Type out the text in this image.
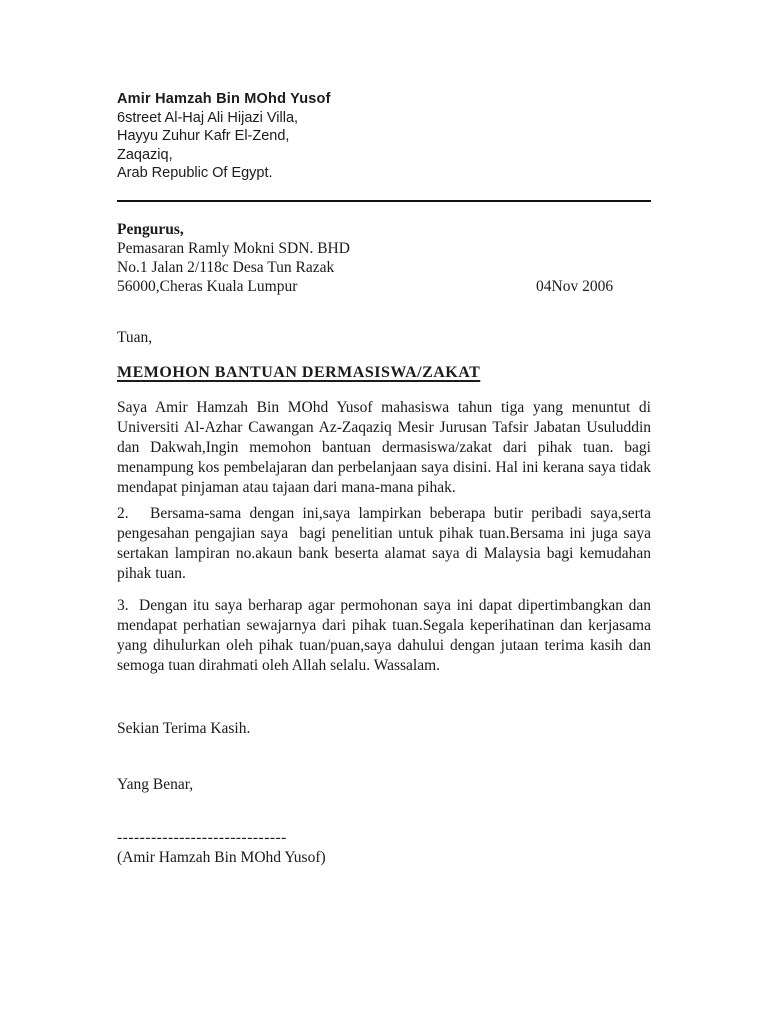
Amir Hamzah Bin MOhd Yusof
6street Al-Haj Ali Hijazi Villa,
Hayyu Zuhur Kafr El-Zend,
Zaqaziq,
Arab Republic Of Egypt.
Pengurus,
Pemasaran Ramly Mokni SDN. BHD
No.1 Jalan 2/118c Desa Tun Razak
56000,Cheras Kuala Lumpur	04Nov 2006
Tuan,
MEMOHON BANTUAN DERMASISWA/ZAKAT

Saya Amir Hamzah Bin MOhd Yusof mahasiswa tahun tiga yang menuntut di Universiti Al-Azhar Cawangan Az-Zaqaziq Mesir Jurusan Tafsir Jabatan Usuluddin dan Dakwah,Ingin memohon bantuan dermasiswa/zakat dari pihak tuan. bagi menampung kos pembelajaran dan perbelanjaan saya disini. Hal ini kerana saya tidak mendapat pinjaman atau tajaan dari mana-mana pihak.

2. Bersama-sama dengan ini,saya lampirkan beberapa butir peribadi saya,serta pengesahan pengajian saya  bagi penelitian untuk pihak tuan.Bersama ini juga saya sertakan lampiran no.akaun bank beserta alamat saya di Malaysia bagi kemudahan pihak tuan.

3. Dengan itu saya berharap agar permohonan saya ini dapat dipertimbangkan dan mendapat perhatian sewajarnya dari pihak tuan.Segala keperihatinan dan kerjasama yang dihulurkan oleh pihak tuan/puan,saya dahului dengan jutaan terima kasih dan semoga tuan dirahmati oleh Allah selalu. Wassalam.

Sekian Terima Kasih.
Yang Benar,
------------------------------
(Amir Hamzah Bin MOhd Yusof)
